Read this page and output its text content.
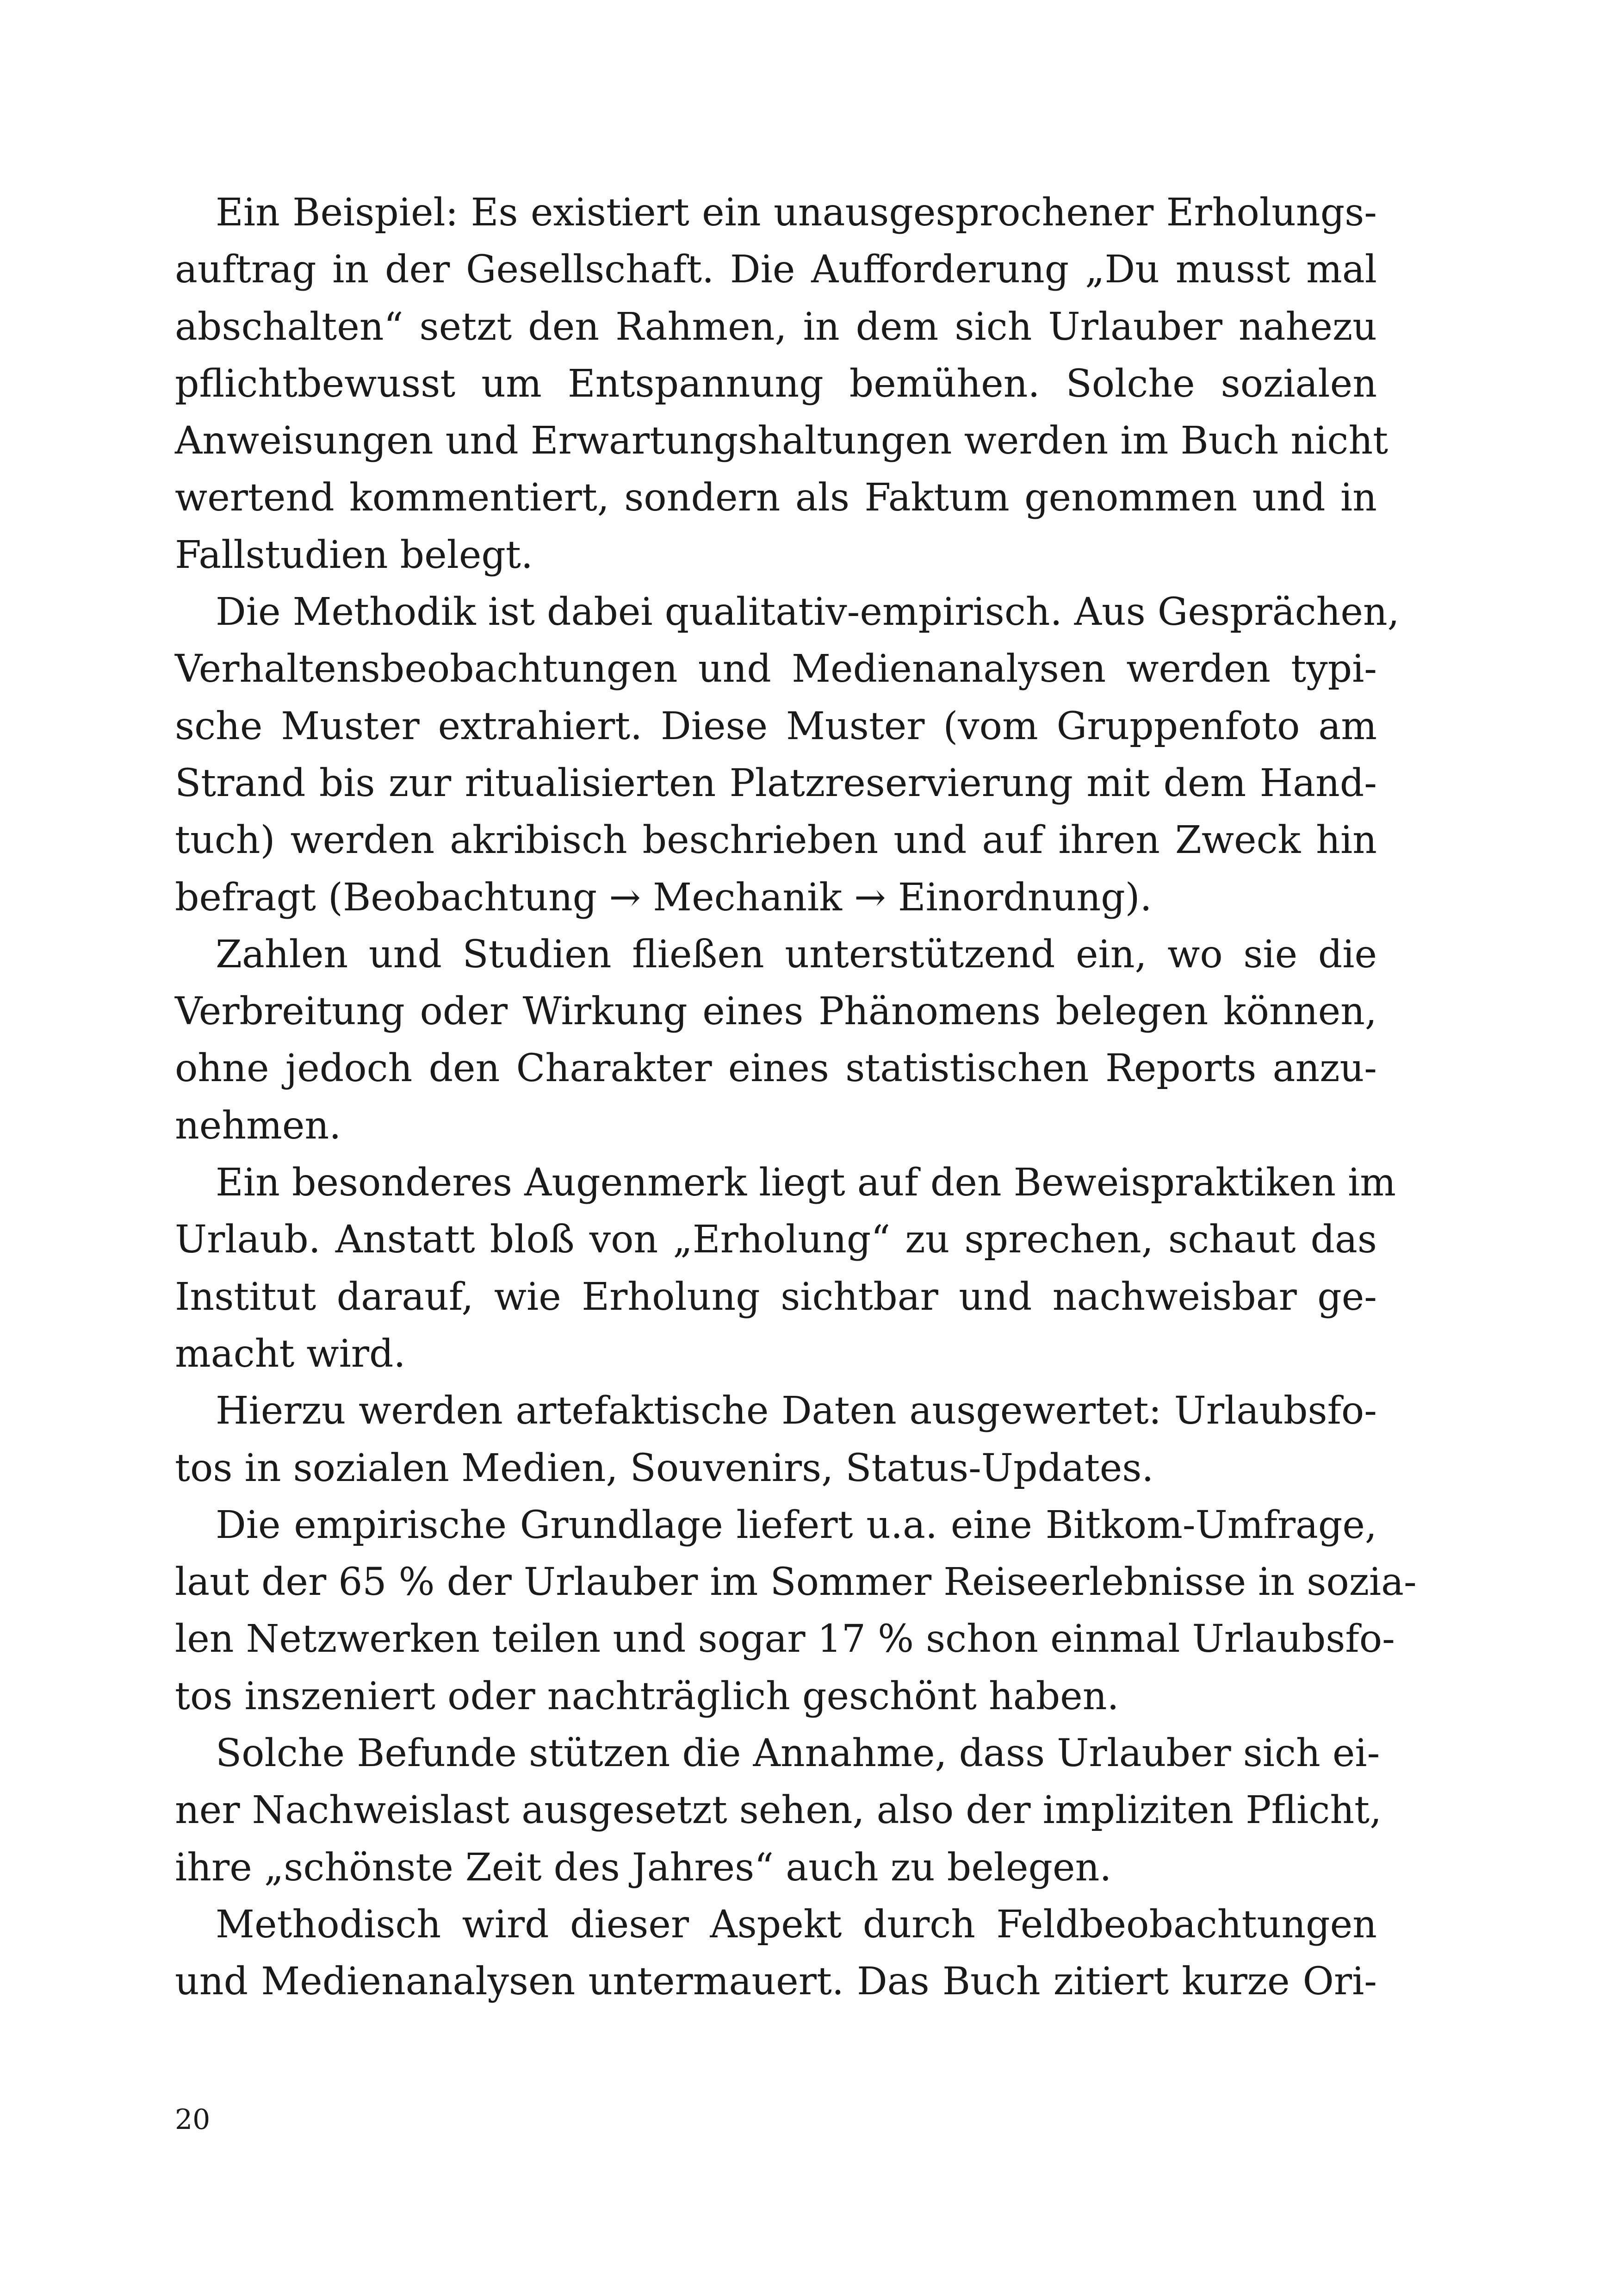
Ein Beispiel: Es existiert ein unausgesprochener Erholungs-
auftrag in der Gesellschaft. Die Aufforderung „Du musst mal
abschalten“ setzt den Rahmen, in dem sich Urlauber nahezu
pflichtbewusst um Entspannung bemühen. Solche sozialen
Anweisungen und Erwartungshaltungen werden im Buch nicht
wertend kommentiert, sondern als Faktum genommen und in
Fallstudien belegt.
Die Methodik ist dabei qualitativ-empirisch. Aus Gesprächen,
Verhaltensbeobachtungen und Medienanalysen werden typi-
sche Muster extrahiert. Diese Muster (vom Gruppenfoto am
Strand bis zur ritualisierten Platzreservierung mit dem Hand-
tuch) werden akribisch beschrieben und auf ihren Zweck hin
befragt (Beobachtung → Mechanik → Einordnung).
Zahlen und Studien fließen unterstützend ein, wo sie die
Verbreitung oder Wirkung eines Phänomens belegen können,
ohne jedoch den Charakter eines statistischen Reports anzu-
nehmen.
Ein besonderes Augenmerk liegt auf den Beweispraktiken im
Urlaub. Anstatt bloß von „Erholung“ zu sprechen, schaut das
Institut darauf, wie Erholung sichtbar und nachweisbar ge-
macht wird.
Hierzu werden artefaktische Daten ausgewertet: Urlaubsfo-
tos in sozialen Medien, Souvenirs, Status-Updates.
Die empirische Grundlage liefert u.a. eine Bitkom-Umfrage,
laut der 65 % der Urlauber im Sommer Reiseerlebnisse in sozia-
len Netzwerken teilen und sogar 17 % schon einmal Urlaubsfo-
tos inszeniert oder nachträglich geschönt haben.
Solche Befunde stützen die Annahme, dass Urlauber sich ei-
ner Nachweislast ausgesetzt sehen, also der impliziten Pflicht,
ihre „schönste Zeit des Jahres“ auch zu belegen.
Methodisch wird dieser Aspekt durch Feldbeobachtungen
und Medienanalysen untermauert. Das Buch zitiert kurze Ori-
20
